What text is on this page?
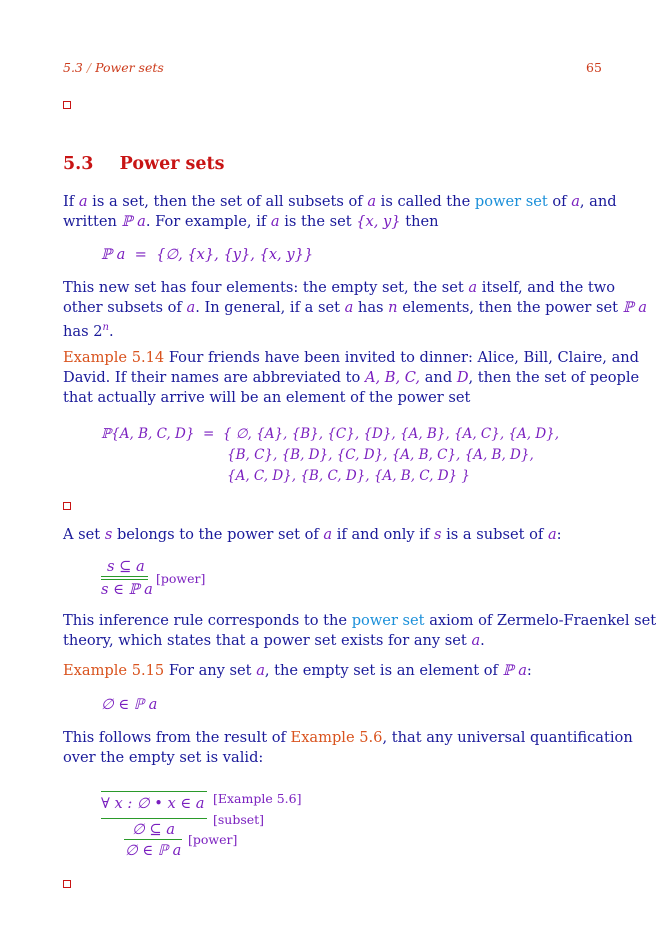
5.3 / Power sets	65
5.3 Power sets
If a is a set, then the set of all subsets of a is called the power set of a, and
written ℙ a. For example, if a is the set {x, y} then
ℙ a  =  {∅, {x}, {y}, {x, y}}
This new set has four elements: the empty set, the set a itself, and the two
other subsets of a. In general, if a set a has n elements, then the power set ℙ a
has 2$^n$.
Example 5.14 Four friends have been invited to dinner: Alice, Bill, Claire, and
David. If their names are abbreviated to A, B, C, and D, then the set of people
that actually arrive will be an element of the power set
ℙ{A, B, C, D}  =  { ∅, {A}, {B}, {C}, {D}, {A, B}, {A, C}, {A, D},
{B, C}, {B, D}, {C, D}, {A, B, C}, {A, B, D},
{A, C, D}, {B, C, D}, {A, B, C, D} }
A set s belongs to the power set of a if and only if s is a subset of a:
s ⊆ a
s ∈ ℙ a
[power]
This inference rule corresponds to the power set axiom of Zermelo-Fraenkel set
theory, which states that a power set exists for any set a.
Example 5.15 For any set a, the empty set is an element of ℙ a:
∅ ∈ ℙ a
This follows from the result of Example 5.6, that any universal quantification
over the empty set is valid:
∀ x : ∅ • x ∈ a [Example 5.6]
∅ ⊆ a
[subset]
∅ ∈ ℙ a
[power]
